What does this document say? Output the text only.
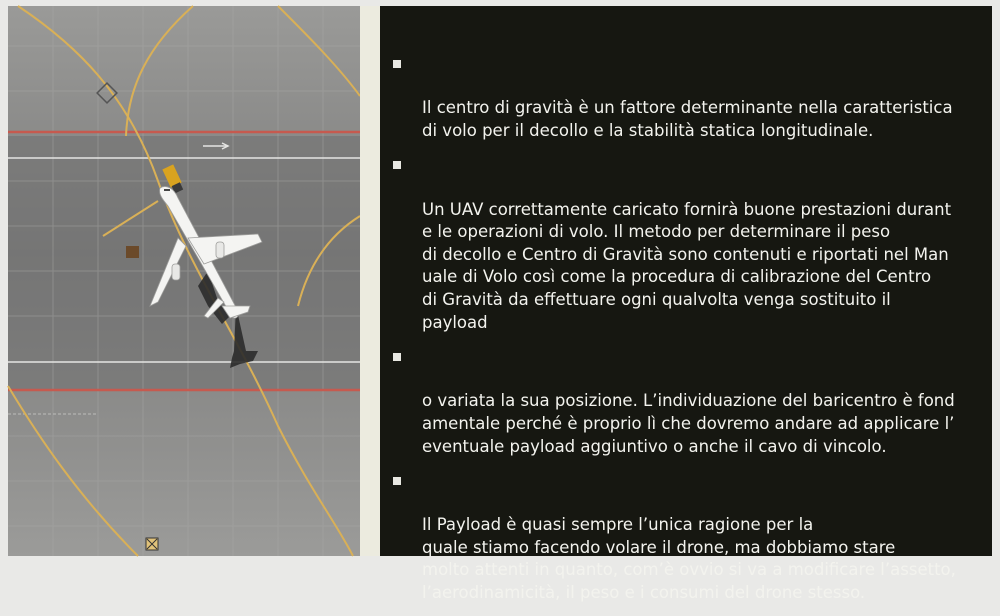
Il centro di gravità è un fattore determinante nella caratteristica
di volo per il decollo e la stabilità statica longitudinale.

Un UAV correttamente caricato fornirà buone prestazioni durant
e le operazioni di volo. Il metodo per determinare il peso
di decollo e Centro di Gravità sono contenuti e riportati nel Man
uale di Volo così come la procedura di calibrazione del Centro
di Gravità da effettuare ogni qualvolta venga sostituito il
payload

o variata la sua posizione. L’individuazione del baricentro è fond
amentale perché è proprio lì che dovremo andare ad applicare l’
eventuale payload aggiuntivo o anche il cavo di vincolo.

Il Payload è quasi sempre l’unica ragione per la
quale stiamo facendo volare il drone, ma dobbiamo stare
molto attenti in quanto, com’è ovvio si va a modificare l’assetto,
l’aerodinamicità, il peso e i consumi del drone stesso.
